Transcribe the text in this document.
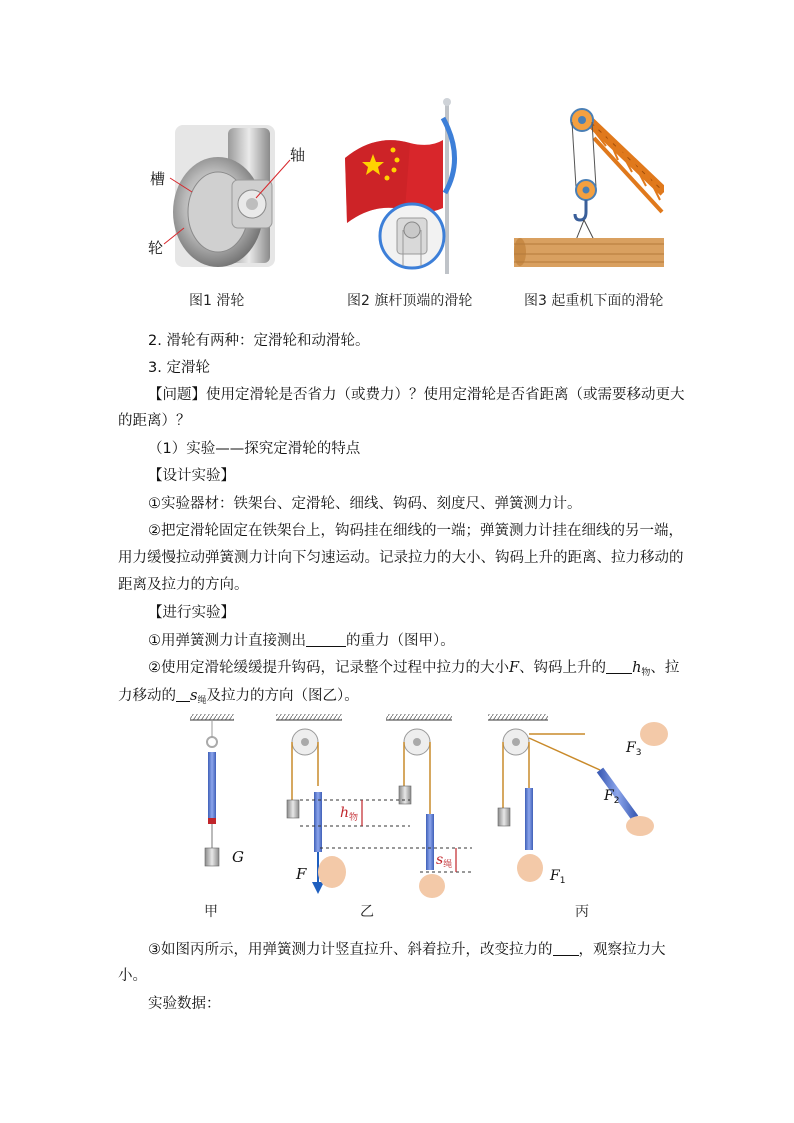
槽
轴
轮
图1 滑轮	图2 旗杆顶端的滑轮	图3 起重机下面的滑轮
2. 滑轮有两种：定滑轮和动滑轮。
3. 定滑轮
【问题】使用定滑轮是否省力（或费力）？使用定滑轮是否省距离（或需要移动更大
的距离）？
（1）实验——探究定滑轮的特点
【设计实验】
①实验器材：铁架台、定滑轮、细线、钩码、刻度尺、弹簧测力计。
②把定滑轮固定在铁架台上，钩码挂在细线的一端；弹簧测力计挂在细线的另一端，
用力缓慢拉动弹簧测力计向下匀速运动。记录拉力的大小、钩码上升的距离、拉力移动的
距离及拉力的方向。
【进行实验】
①用弹簧测力计直接测出	的重力（图甲）。
②使用定滑轮缓缓提升钩码，记录整个过程中拉力的大小F、钩码上升的 $h_物$、拉
力移动的 $s_绳$及拉力的方向（图乙）。
G
F
$h_物$
$s_绳$
$F_1$
$F_2$
$F_3$
甲	乙	丙
③如图丙所示，用弹簧测力计竖直拉升、斜着拉升，改变拉力的 ，观察拉力大
小。
实验数据：
